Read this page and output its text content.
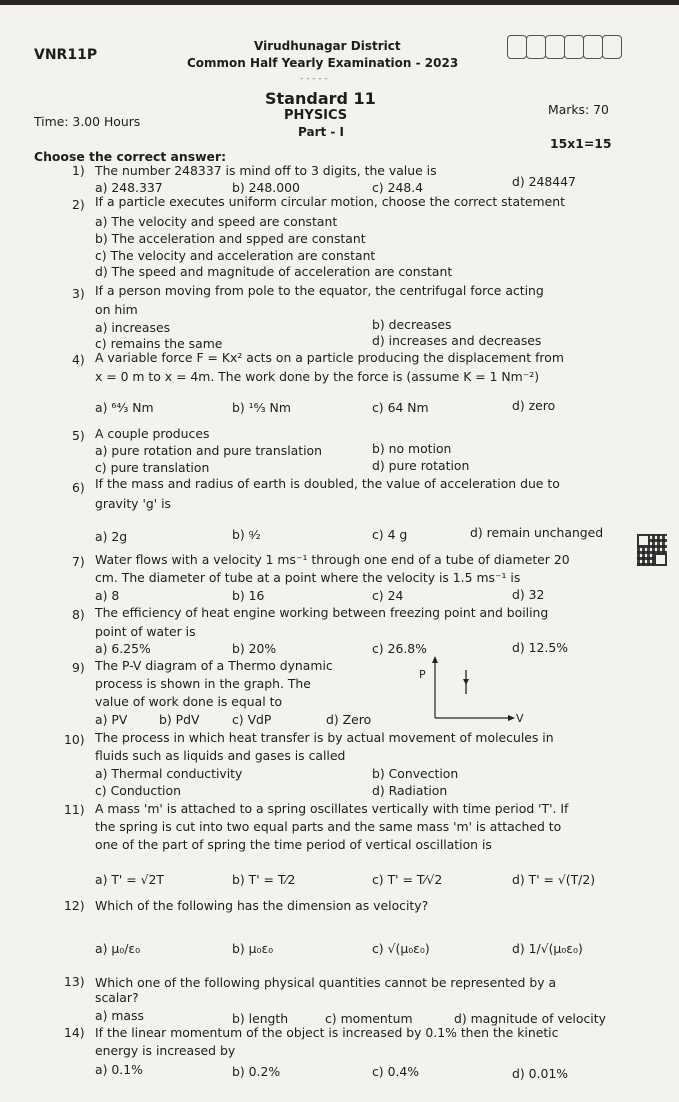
VNR11P
Virudhunagar District
Common Half Yearly Examination - 2023
- - - - -
Standard 11
PHYSICS
Part - I
Time: 3.00 Hours
Marks: 70
15x1=15
Choose the correct answer:
1) The number 248337 is mind off to 3 digits, the value is
a) 248.337	b) 248.000	c) 248.4	d) 248447
2) If a particle executes uniform circular motion, choose the correct statement
a) The velocity and speed are constant
b) The acceleration and spped are constant
c) The velocity and acceleration are constant
d) The speed and magnitude of acceleration are constant
3) If a person moving from pole to the equator, the centrifugal force acting
on him
a) increases	b) decreases
c) remains the same	d) increases and decreases
4) A variable force F = Kx² acts on a particle producing the displacement from
x = 0 m to x = 4m. The work done by the force is (assume K = 1 Nm⁻²)
a) ⁶⁴⁄₃ Nm	b) ¹⁶⁄₃ Nm	c) 64 Nm	d) zero
5) A couple produces
a) pure rotation and pure translation	b) no motion
c) pure translation	d) pure rotation
6) If the mass and radius of earth is doubled, the value of acceleration due to
gravity 'g' is
a) 2g	b) ᵍ⁄₂	c) 4 g	d) remain unchanged
7) Water flows with a velocity 1 ms⁻¹ through one end of a tube of diameter 20
cm. The diameter of tube at a point where the velocity is 1.5 ms⁻¹ is
a) 8	b) 16	c) 24	d) 32
8) The efficiency of heat engine working between freezing point and boiling
point of water is
a) 6.25%	b) 20%	c) 26.8%	d) 12.5%
9) The P-V diagram of a Thermo dynamic
process is shown in the graph. The
value of work done is equal to
a) PV	b) PdV	c) VdP	d) Zero
P
V
10) The process in which heat transfer is by actual movement of molecules in
fluids such as liquids and gases is called
a) Thermal conductivity	b) Convection
c) Conduction	d) Radiation
11) A mass 'm' is attached to a spring oscillates vertically with time period 'T'. If
the spring is cut into two equal parts and the same mass 'm' is attached to
one of the part of spring the time period of vertical oscillation is
a) T' = √2T	b) T' = T⁄2	c) T' = T⁄√2	d) T' = √(T/2)
12) Which of the following has the dimension as velocity?
a) μ₀/ε₀	b) μ₀ε₀	c) √(μ₀ε₀)	d) 1/√(μ₀ε₀)
13) Which one of the following physical quantities cannot be represented by a
scalar?
a) mass	b) length	c) momentum	d) magnitude of velocity
14) If the linear momentum of the object is increased by 0.1% then the kinetic
energy is increased by
a) 0.1%	b) 0.2%	c) 0.4%	d) 0.01%
